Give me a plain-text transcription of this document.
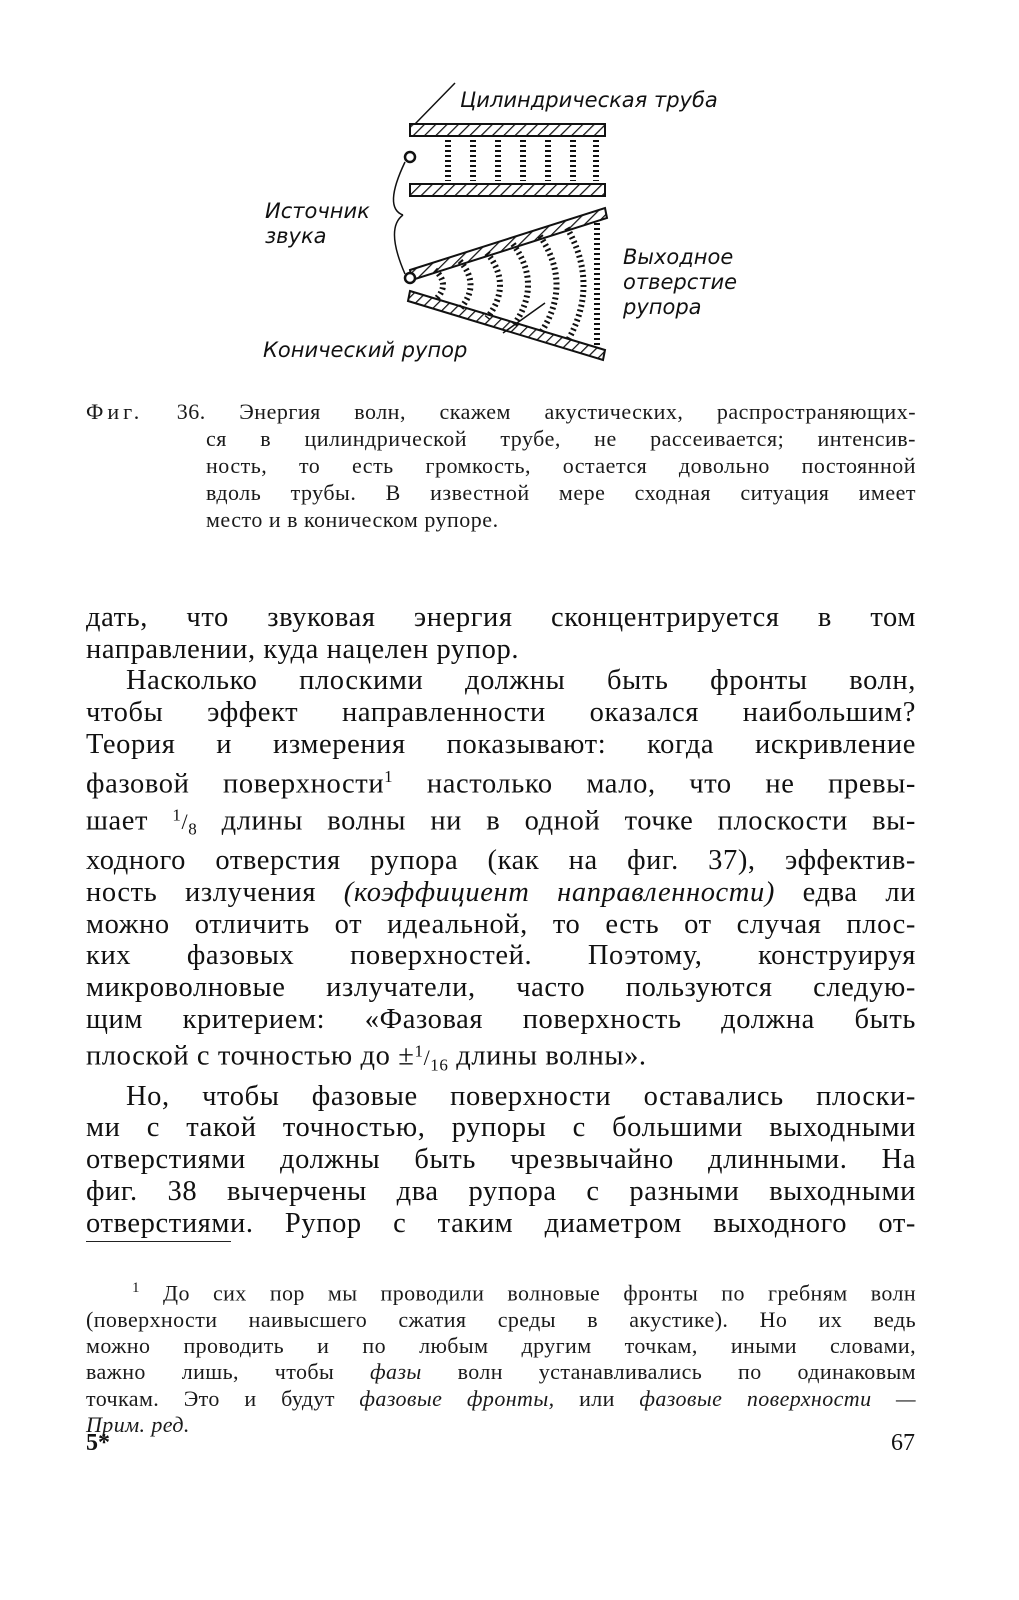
Цилиндрическая труба
Источник
звука
Выходное
отверстие
рупора
Конический рупор
Фиг. 36. Энергия волн, скажем акустических, распространяющих-
ся в цилиндрической трубе, не рассеивается; интенсив-
ность, то есть громкость, остается довольно постоянной
вдоль трубы. В известной мере сходная ситуация имеет
место и в коническом рупоре.
дать, что звуковая энергия сконцентрируется в том
направлении, куда нацелен рупор.
Насколько плоскими должны быть фронты волн,
чтобы эффект направленности оказался наибольшим?
Теория и измерения показывают: когда искривление
фазовой поверхности$^1$ настолько мало, что не превы-
шает $^1/_8$ длины волны ни в одной точке плоскости вы-
ходного отверстия рупора (как на фиг. 37), эффектив-
ность излучения (коэффициент направленности) едва ли
можно отличить от идеальной, то есть от случая плос-
ких фазовых поверхностей. Поэтому, конструируя
микроволновые излучатели, часто пользуются следую-
щим критерием: «Фазовая поверхность должна быть
плоской с точностью до $\pm^1/_{16}$ длины волны».
Но, чтобы фазовые поверхности оставались плоски-
ми с такой точностью, рупоры с большими выходными
отверстиями должны быть чрезвычайно длинными. На
фиг. 38 вычерчены два рупора с разными выходными
отверстиями. Рупор с таким диаметром выходного от-
$^1$ До сих пор мы проводили волновые фронты по гребням волн
(поверхности наивысшего сжатия среды в акустике). Но их ведь
можно проводить и по любым другим точкам, иными словами,
важно лишь, чтобы фазы волн устанавливались по одинаковым
точкам. Это и будут фазовые фронты, или фазовые поверхности —
Прим. ред.
5*	67
